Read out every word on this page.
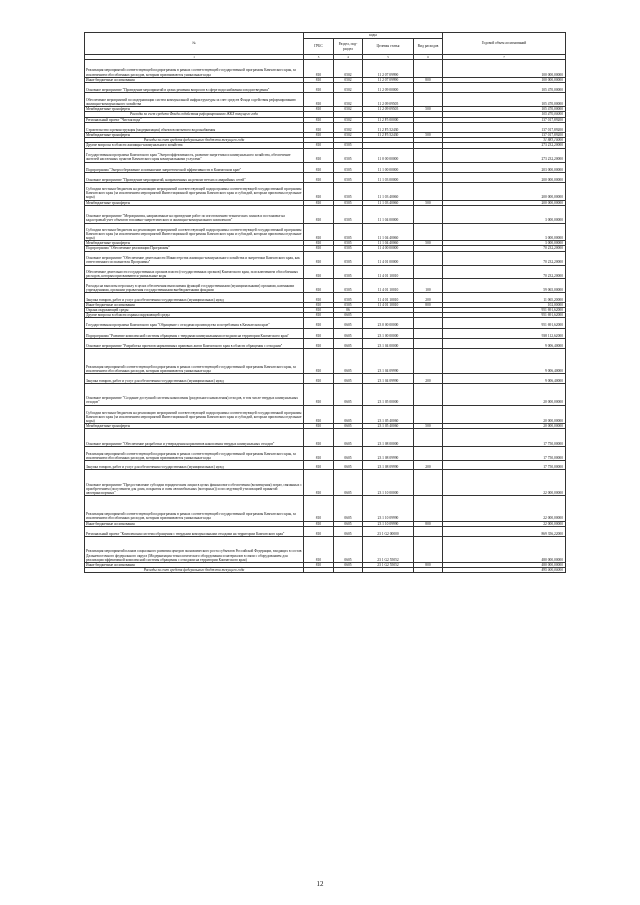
№	коды				Годовой объем ассигнований
	ГРБС	Раздел, под-раздел	Целевая статья	Вид расходов	
1	3	4	5	6	7
Реализация мероприятий соответствующей подпрограммы в рамках соответствующей государственной программы Камчатского края, за исключением обособленных расходов, которым присваиваются уникальные коды	810	0502	11 2 07 09990		100 000,00000
Иные бюджетные ассигнования	810	0502	11 2 07 09990	800	100 000,00000
Основное мероприятие "Проведение мероприятий в целях решения вопросов в сфере водоснабжения и водоотведения"	810	0502	11 2 09 00000		105 470,00000
Обеспечение мероприятий по модернизации систем коммунальной инфраструктуры за счет средств Фонда содействия реформированию жилищно-коммунального хозяйства	810	0502	11 2 09 09505		105 470,00000
Межбюджетные трансферты	810	0502	11 2 09 09505	500	105 470,00000
Расходы за счет средств Фонда содействия реформированию ЖКХ текущего года					105 470,00000
Региональный проект "Чистая вода"	810	0502	11 2 F5 00000		137 017,89200
Строительство и реконструкция (модернизация) объектов питьевого водоснабжения	810	0502	11 2 F5 52430		137 017,89200
Межбюджетные трансферты	810	0502	11 2 F5 52430	500	137 017,89200
Расходы за счет средств федерального бюджета текущего года					31 883,10000
Другие вопросы в области жилищно-коммунального хозяйства	810	0505			273 232,20000
Государственная программа Камчатского края "Энергоэффективность, развитие энергетики и коммунального хозяйства, обеспечение жителей населенных пунктов Камчатского края коммунальными услугами"	810	0505	11 0 00 00000		273 232,20000
Подпрограмма "Энергосбережение и повышение энергетической эффективности в Камчатском крае"	810	0505	11 1 00 00000		203 000,00000
Основное мероприятие "Проведение мероприятий, направленных на ремонт ветхих и аварийных сетей"	810	0505	11 1 03 00000		200 000,00000
Субсидии местным бюджетам на реализацию мероприятий соответствующей подпрограммы соответствующей государственной программы Камчатского края (за исключением мероприятий Инвестиционной программы Камчатского края и субсидий, которым присвоены отдельные коды)	810	0505	11 1 03 40060		200 000,00000
Межбюджетные трансферты	810	0505	11 1 03 40060	500	200 000,00000
Основное мероприятие "Мероприятия, направленные на проведение работ по изготовлению технических планов и постановке на кадастровый учет объектов топливно-энергетического и жилищно-коммунального комплексов"	810	0505	11 1 04 00000		3 000,00000
Субсидии местным бюджетам на реализацию мероприятий соответствующей подпрограммы соответствующей государственной программы Камчатского края (за исключением мероприятий Инвестиционной программы Камчатского края и субсидий, которым присвоены отдельные коды)	810	0505	11 1 04 40060		3 000,00000
Межбюджетные трансферты	810	0505	11 1 04 40060	500	3 000,00000
Подпрограмма "Обеспечение реализации Программы"	810	0505	11 4 00 00000		70 232,20000
Основное мероприятие "Обеспечение деятельности Министерства жилищно-коммунального хозяйства и энергетики Камчатского края, как ответственного исполнителя Программы"	810	0505	11 4 01 00000		70 232,20000
Обеспечение деятельности государственных органов власти (государственных органов) Камчатского края, за исключением обособленных расходов, которым присваиваются уникальные коды	810	0505	11 4 01 10010		70 232,20000
Расходы на выплаты персоналу в целях обеспечения выполнения функций государственными (муниципальными) органами, казенными учреждениями, органами управления государственными внебюджетными фондами	810	0505	11 4 01 10010	100	59 065,00000
Закупка товаров, работ и услуг для обеспечения государственных (муниципальных) нужд	810	0505	11 4 01 10010	200	11 065,20000
Иные бюджетные ассигнования	810	0505	11 4 01 10010	800	102,00000
Охрана окружающей среды	810	06			951 691,62000
Другие вопросы в области охраны окружающей среды	810	0605			951 691,62000
Государственная программа Камчатского края "Обращение с отходами производства и потребления в Камчатском крае"	810	0605	23 0 00 00000		951 691,62000
Подпрограмма "Развитие комплексной системы обращения с твердыми коммунальными отходами на территории Камчатского края"	810	0605	23 1 00 00000		938 112,62000
Основное мероприятие "Разработка проектов нормативных правовых актов Камчатского края в области обращения с отходами"	810	0605	23 1 04 00000		9 006,40000
Реализация мероприятий соответствующей подпрограммы в рамках соответствующей государственной программы Камчатского края, за исключением обособленных расходов, которым присваиваются уникальные коды	810	0605	23 1 04 09990		9 006,40000
Закупка товаров, работ и услуг для обеспечения государственных (муниципальных) нужд	810	0605	23 1 04 09990	200	9 006,40000
Основное мероприятие "Создание доступной системы накопления (раздельного накопления) отходов, в том числе твердых коммунальных отходов"	810	0605	23 1 05 00000		20 000,00000
Субсидии местным бюджетам на реализацию мероприятий соответствующей подпрограммы соответствующей государственной программы Камчатского края (за исключением мероприятий Инвестиционной программы Камчатского края и субсидий, которым присвоены отдельные коды)	810	0605	23 1 05 40060		20 000,00000
Межбюджетные трансферты	810	0605	23 1 05 40060	500	20 000,00000
Основное мероприятие "Обеспечение разработки и утверждения нормативов накопления твердых коммунальных отходов"	810	0605	23 1 08 00000		17 750,00000
Реализация мероприятий соответствующей подпрограммы в рамках соответствующей государственной программы Камчатского края, за исключением обособленных расходов, которым присваиваются уникальные коды	810	0605	23 1 08 09990		17 750,00000
Закупка товаров, работ и услуг для обеспечения государственных (муниципальных) нужд	810	0605	23 1 08 09990	200	17 750,00000
Основное мероприятие "Предоставление субсидии юридическим лицам в целях финансового обеспечения (возмещения) затрат, связанных с приобретением (получением для дома, покрытия и смен автомобильных (моторных)) и последующей утилизацией принятой автотранспортных"	810	0605	23 1 10 00000		22 000,00000
Реализация мероприятий соответствующей подпрограммы в рамках соответствующей государственной программы Камчатского края, за исключением обособленных расходов, которым присваиваются уникальные коды	810	0605	23 1 10 09990		22 000,00000
Иные бюджетные ассигнования	810	0605	23 1 10 09990	800	22 000,00000
Региональный проект "Комплексная система обращения с твердыми коммунальными отходами на территории Камчатского края"	810	0605	23 1 G2 00000		869 356,22000
Реализация мероприятий планов социального развития центров экономического роста субъектов Российской Федерации, входящих в состав Дальневосточного федерального округа (Модернизация технологического оборудования и материалов в связи с оборудованием для реализации эффективной комплексной системы обращения с отходами на территории Камчатского края)	810	0605	23 1 G2 55052		480 000,00000
Иные бюджетные ассигнования	810	0605	23 1 G2 55052	800	480 000,00000
Расходы за счет средств федерального бюджета текущего года					495 000,00000
12
